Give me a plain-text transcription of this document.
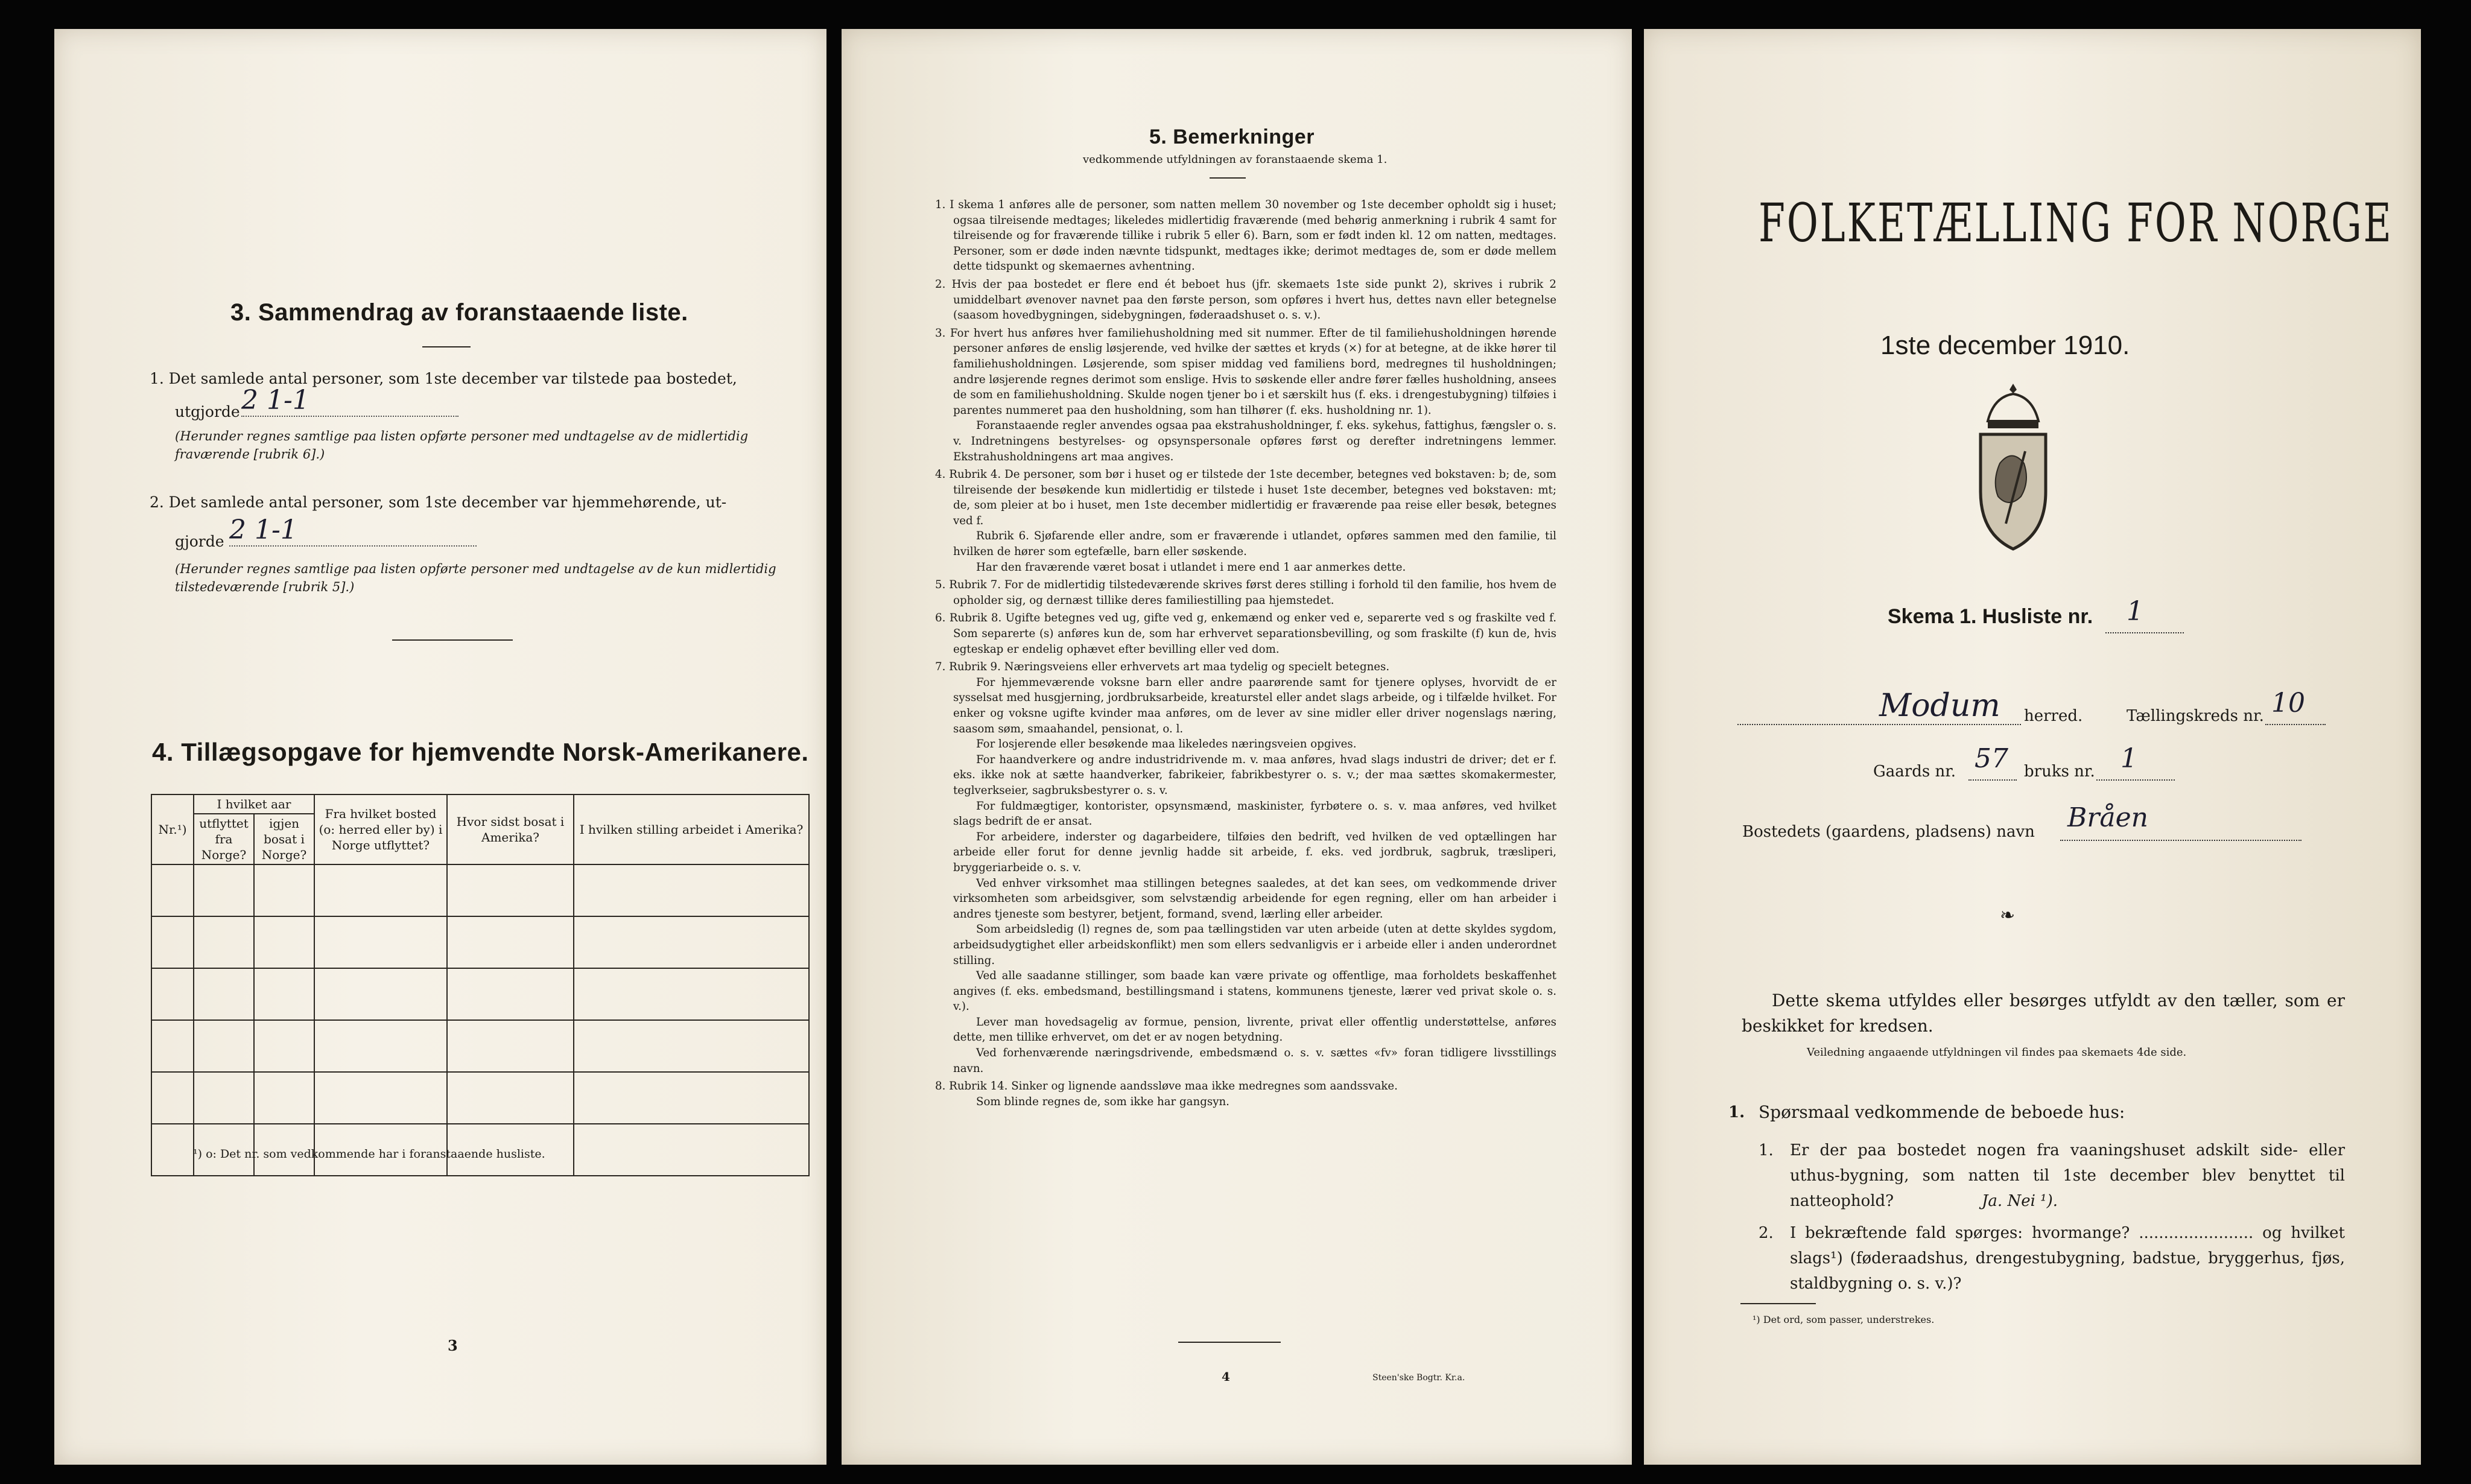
3. Sammendrag av foranstaaende liste.
1. Det samlede antal personer, som 1ste december var tilstede paa bostedet,
utgjorde 2 1-1
(Herunder regnes samtlige paa listen opførte personer med undtagelse av de midlertidig fraværende [rubrik 6].)
2. Det samlede antal personer, som 1ste december var hjemmehørende, ut-
gjorde 2 1-1
(Herunder regnes samtlige paa listen opførte personer med undtagelse av de kun midlertidig tilstedeværende [rubrik 5].)
4. Tillægsopgave for hjemvendte Norsk-Amerikanere.
Nr.¹)	I hvilket aar		Fra hvilket bosted (o: herred eller by) i Norge utflyttet?	Hvor sidst bosat i Amerika?	I hvilken stilling arbeidet i Amerika?
	utflyttet fra Norge?	igjen bosat i Norge?			

¹) o: Det nr. som vedkommende har i foranstaaende husliste.
3
5. Bemerkninger
vedkommende utfyldningen av foranstaaende skema 1.

1. I skema 1 anføres alle de personer, som natten mellem 30 november og 1ste december opholdt sig i huset; ogsaa tilreisende medtages; likeledes midlertidig fraværende (med behørig anmerkning i rubrik 4 samt for tilreisende og for fraværende tillike i rubrik 5 eller 6). Barn, som er født inden kl. 12 om natten, medtages. Personer, som er døde inden nævnte tidspunkt, medtages ikke; derimot medtages de, som er døde mellem dette tidspunkt og skemaernes avhentning.

2. Hvis der paa bostedet er flere end ét beboet hus (jfr. skemaets 1ste side punkt 2), skrives i rubrik 2 umiddelbart øvenover navnet paa den første person, som opføres i hvert hus, dettes navn eller betegnelse (saasom hovedbygningen, sidebygningen, føderaadshuset o. s. v.).

3. For hvert hus anføres hver familiehusholdning med sit nummer. Efter de til familiehusholdningen hørende personer anføres de enslig løsjerende, ved hvilke der sættes et kryds (×) for at betegne, at de ikke hører til familiehusholdningen. Løsjerende, som spiser middag ved familiens bord, medregnes til husholdningen; andre løsjerende regnes derimot som enslige. Hvis to søskende eller andre fører fælles husholdning, ansees de som en familiehusholdning. Skulde nogen tjener bo i et særskilt hus (f. eks. i drengestubygning) tilføies i parentes nummeret paa den husholdning, som han tilhører (f. eks. husholdning nr. 1).

Foranstaaende regler anvendes ogsaa paa ekstrahusholdninger, f. eks. sykehus, fattighus, fængsler o. s. v. Indretningens bestyrelses- og opsynspersonale opføres først og derefter indretningens lemmer. Ekstrahusholdningens art maa angives.

4. Rubrik 4. De personer, som bør i huset og er tilstede der 1ste december, betegnes ved bokstaven: b; de, som tilreisende der besøkende kun midlertidig er tilstede i huset 1ste december, betegnes ved bokstaven: mt; de, som pleier at bo i huset, men 1ste december midlertidig er fraværende paa reise eller besøk, betegnes ved f.

Rubrik 6. Sjøfarende eller andre, som er fraværende i utlandet, opføres sammen med den familie, til hvilken de hører som egtefælle, barn eller søskende.

Har den fraværende været bosat i utlandet i mere end 1 aar anmerkes dette.

5. Rubrik 7. For de midlertidig tilstedeværende skrives først deres stilling i forhold til den familie, hos hvem de opholder sig, og dernæst tillike deres familiestilling paa hjemstedet.

6. Rubrik 8. Ugifte betegnes ved ug, gifte ved g, enkemænd og enker ved e, separerte ved s og fraskilte ved f. Som separerte (s) anføres kun de, som har erhvervet separationsbevilling, og som fraskilte (f) kun de, hvis egteskap er endelig ophævet efter bevilling eller ved dom.

7. Rubrik 9. Næringsveiens eller erhvervets art maa tydelig og specielt betegnes.

For hjemmeværende voksne barn eller andre paarørende samt for tjenere oplyses, hvorvidt de er sysselsat med husgjerning, jordbruksarbeide, kreaturstel eller andet slags arbeide, og i tilfælde hvilket. For enker og voksne ugifte kvinder maa anføres, om de lever av sine midler eller driver nogenslags næring, saasom søm, smaahandel, pensionat, o. l.

For losjerende eller besøkende maa likeledes næringsveien opgives.

For haandverkere og andre industridrivende m. v. maa anføres, hvad slags industri de driver; det er f. eks. ikke nok at sætte haandverker, fabrikeier, fabrikbestyrer o. s. v.; der maa sættes skomakermester, teglverkseier, sagbruksbestyrer o. s. v.

For fuldmægtiger, kontorister, opsynsmænd, maskinister, fyrbøtere o. s. v. maa anføres, ved hvilket slags bedrift de er ansat.

For arbeidere, inderster og dagarbeidere, tilføies den bedrift, ved hvilken de ved optællingen har arbeide eller forut for denne jevnlig hadde sit arbeide, f. eks. ved jordbruk, sagbruk, træsliperi, bryggeriarbeide o. s. v.

Ved enhver virksomhet maa stillingen betegnes saaledes, at det kan sees, om vedkommende driver virksomheten som arbeidsgiver, som selvstændig arbeidende for egen regning, eller om han arbeider i andres tjeneste som bestyrer, betjent, formand, svend, lærling eller arbeider.

Som arbeidsledig (l) regnes de, som paa tællingstiden var uten arbeide (uten at dette skyldes sygdom, arbeidsudygtighet eller arbeidskonflikt) men som ellers sedvanligvis er i arbeide eller i anden underordnet stilling.

Ved alle saadanne stillinger, som baade kan være private og offentlige, maa forholdets beskaffenhet angives (f. eks. embedsmand, bestillingsmand i statens, kommunens tjeneste, lærer ved privat skole o. s. v.).

Lever man hovedsagelig av formue, pension, livrente, privat eller offentlig understøttelse, anføres dette, men tillike erhvervet, om det er av nogen betydning.

Ved forhenværende næringsdrivende, embedsmænd o. s. v. sættes «fv» foran tidligere livsstillings navn.

8. Rubrik 14. Sinker og lignende aandssløve maa ikke medregnes som aandssvake.

Som blinde regnes de, som ikke har gangsyn.

4	Steen'ske Bogtr. Kr.a.
FOLKETÆLLING FOR NORGE
1ste december 1910.
Skema 1. Husliste nr. 1
Modum herred.	Tællingskreds nr. 10
Gaards nr. 57 bruks nr. 1
Bostedets (gaardens, pladsens) navn Bråen
❧
Dette skema utfyldes eller besørges utfyldt av den tæller, som er beskikket for kredsen.
Veiledning angaaende utfyldningen vil findes paa skemaets 4de side.
1. Spørsmaal vedkommende de beboede hus:
1. Er der paa bostedet nogen fra vaaningshuset adskilt side- eller uthus-bygning, som natten til 1ste december blev benyttet til natteophold?	Ja. Nei ¹).
2. I bekræftende fald spørges: hvormange? ....................... og hvilket slags¹) (føderaadshus, drengestubygning, badstue, bryggerhus, fjøs, staldbygning o. s. v.)?
¹) Det ord, som passer, understrekes.
